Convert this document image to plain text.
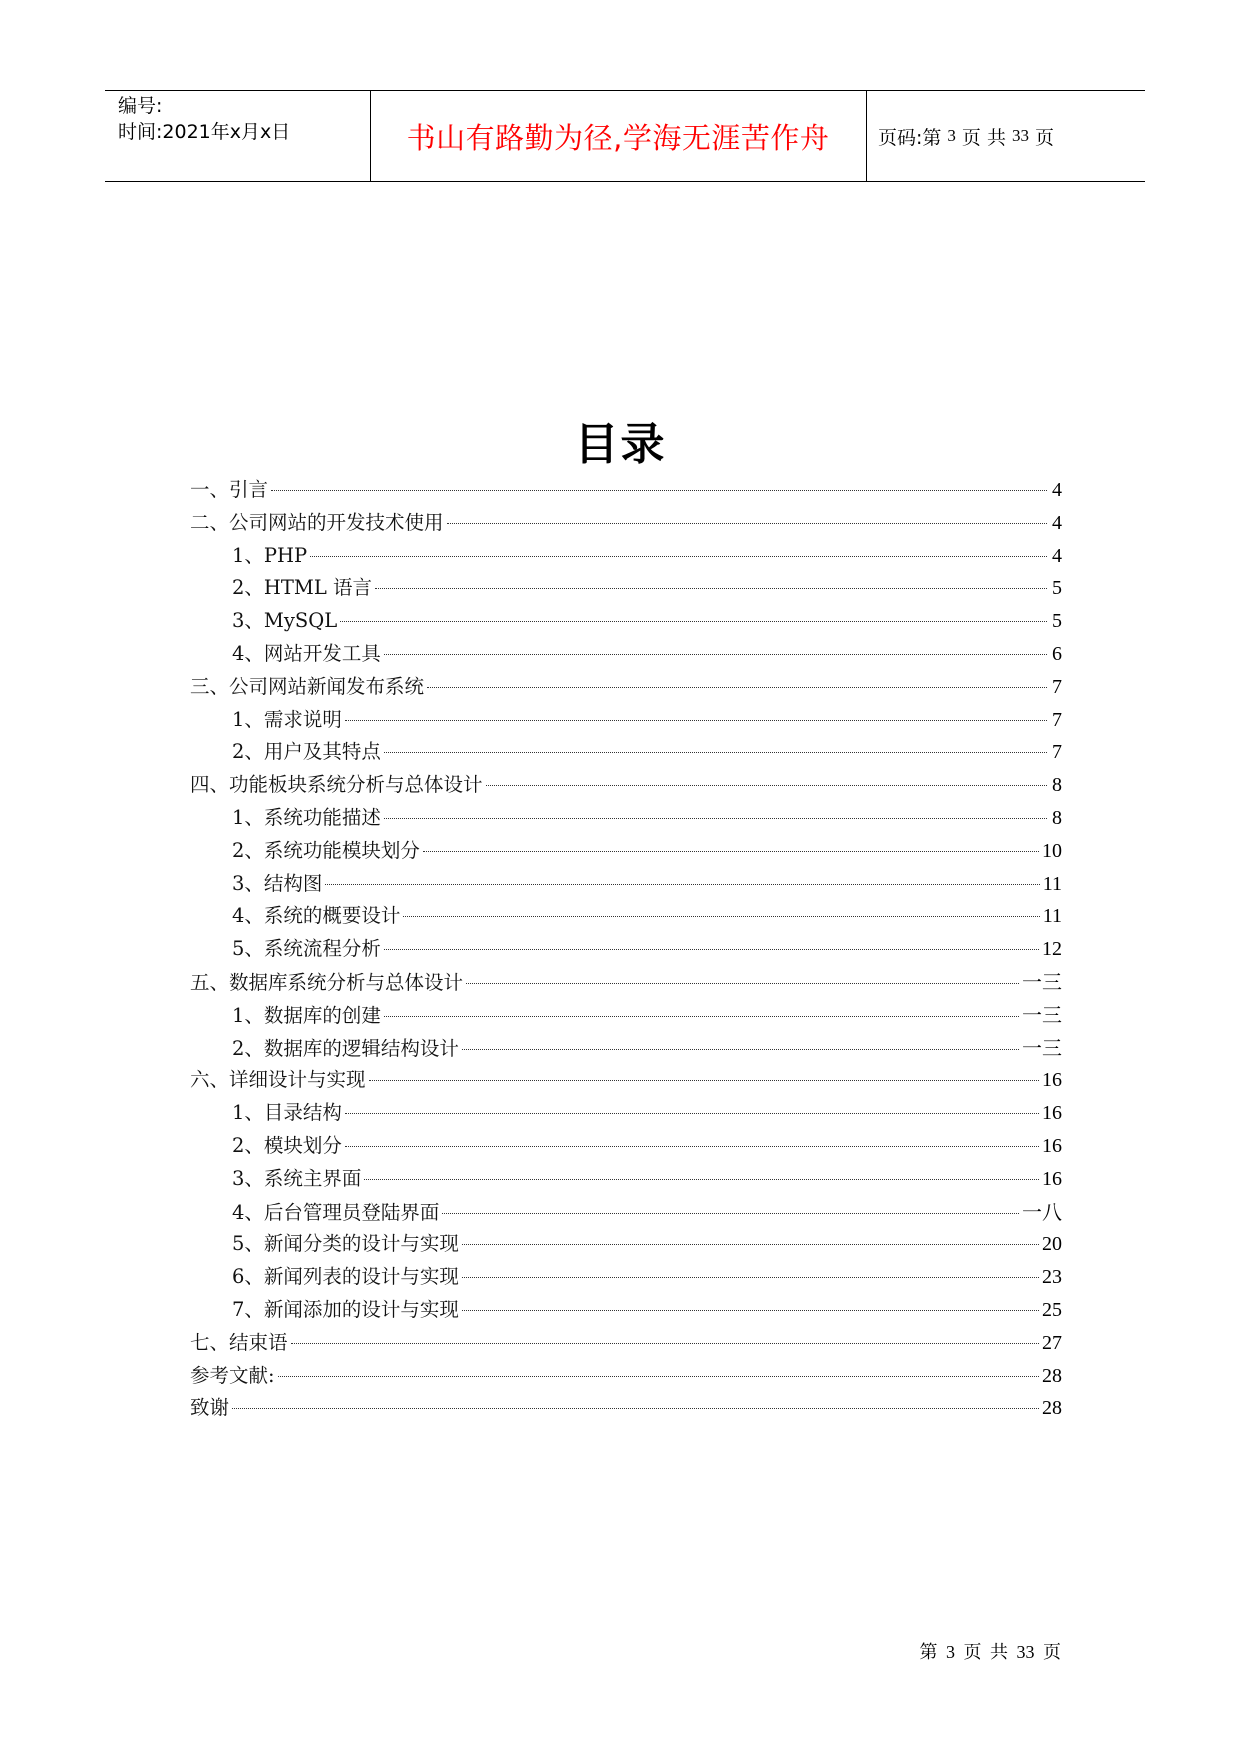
编号:
时间:2021年x月x日	书山有路勤为径,学海无涯苦作舟	页码:第 3 页 共 33 页
目录
一、引言	4
二、公司网站的开发技术使用	4
1、PHP	4
2、HTML 语言	5
3、MySQL	5
4、网站开发工具	6
三、公司网站新闻发布系统	7
1、需求说明	7
2、用户及其特点	7
四、功能板块系统分析与总体设计	8
1、系统功能描述	8
2、系统功能模块划分	10
3、结构图	11
4、系统的概要设计	11
5、系统流程分析	12
五、数据库系统分析与总体设计	一三
1、数据库的创建	一三
2、数据库的逻辑结构设计	一三
六、详细设计与实现	16
1、目录结构	16
2、模块划分	16
3、系统主界面	16
4、后台管理员登陆界面	一八
5、新闻分类的设计与实现	20
6、新闻列表的设计与实现	23
7、新闻添加的设计与实现	25
七、结束语	27
参考文献:	28
致谢	28
第 3 页 共 33 页
